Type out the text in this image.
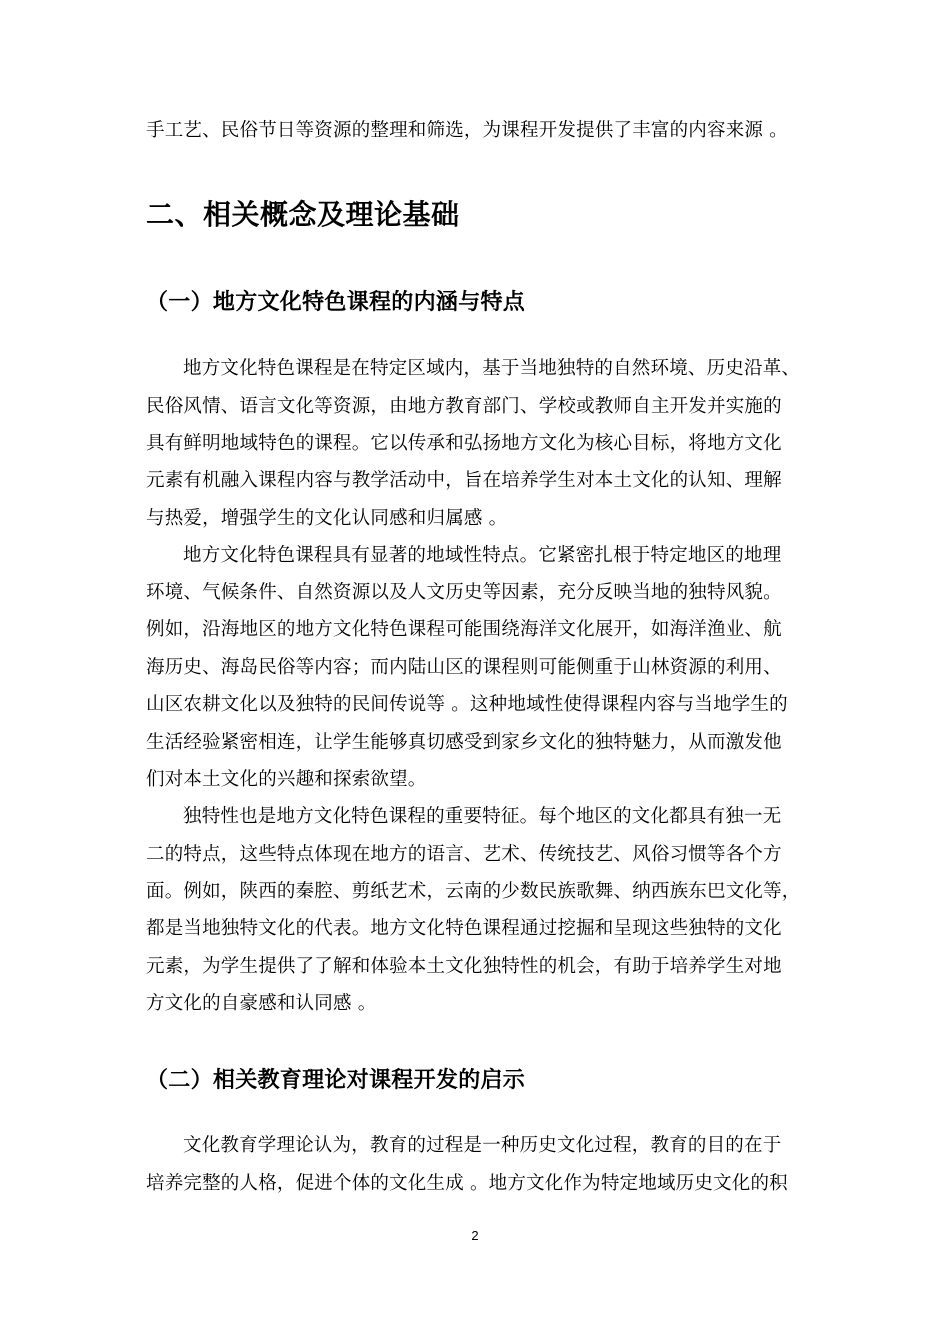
手工艺、民俗节日等资源的整理和筛选，为课程开发提供了丰富的内容来源 。
二、相关概念及理论基础
（一）地方文化特色课程的内涵与特点
地方文化特色课程是在特定区域内，基于当地独特的自然环境、历史沿革、
民俗风情、语言文化等资源，由地方教育部门、学校或教师自主开发并实施的
具有鲜明地域特色的课程。它以传承和弘扬地方文化为核心目标，将地方文化
元素有机融入课程内容与教学活动中，旨在培养学生对本土文化的认知、理解
与热爱，增强学生的文化认同感和归属感 。
地方文化特色课程具有显著的地域性特点。它紧密扎根于特定地区的地理
环境、气候条件、自然资源以及人文历史等因素，充分反映当地的独特风貌。
例如，沿海地区的地方文化特色课程可能围绕海洋文化展开，如海洋渔业、航
海历史、海岛民俗等内容；而内陆山区的课程则可能侧重于山林资源的利用、
山区农耕文化以及独特的民间传说等 。这种地域性使得课程内容与当地学生的
生活经验紧密相连，让学生能够真切感受到家乡文化的独特魅力，从而激发他
们对本土文化的兴趣和探索欲望。
独特性也是地方文化特色课程的重要特征。每个地区的文化都具有独一无
二的特点，这些特点体现在地方的语言、艺术、传统技艺、风俗习惯等各个方
面。例如，陕西的秦腔、剪纸艺术，云南的少数民族歌舞、纳西族东巴文化等，
都是当地独特文化的代表。地方文化特色课程通过挖掘和呈现这些独特的文化
元素，为学生提供了了解和体验本土文化独特性的机会，有助于培养学生对地
方文化的自豪感和认同感 。
（二）相关教育理论对课程开发的启示
文化教育学理论认为，教育的过程是一种历史文化过程，教育的目的在于
培养完整的人格，促进个体的文化生成 。地方文化作为特定地域历史文化的积
2
